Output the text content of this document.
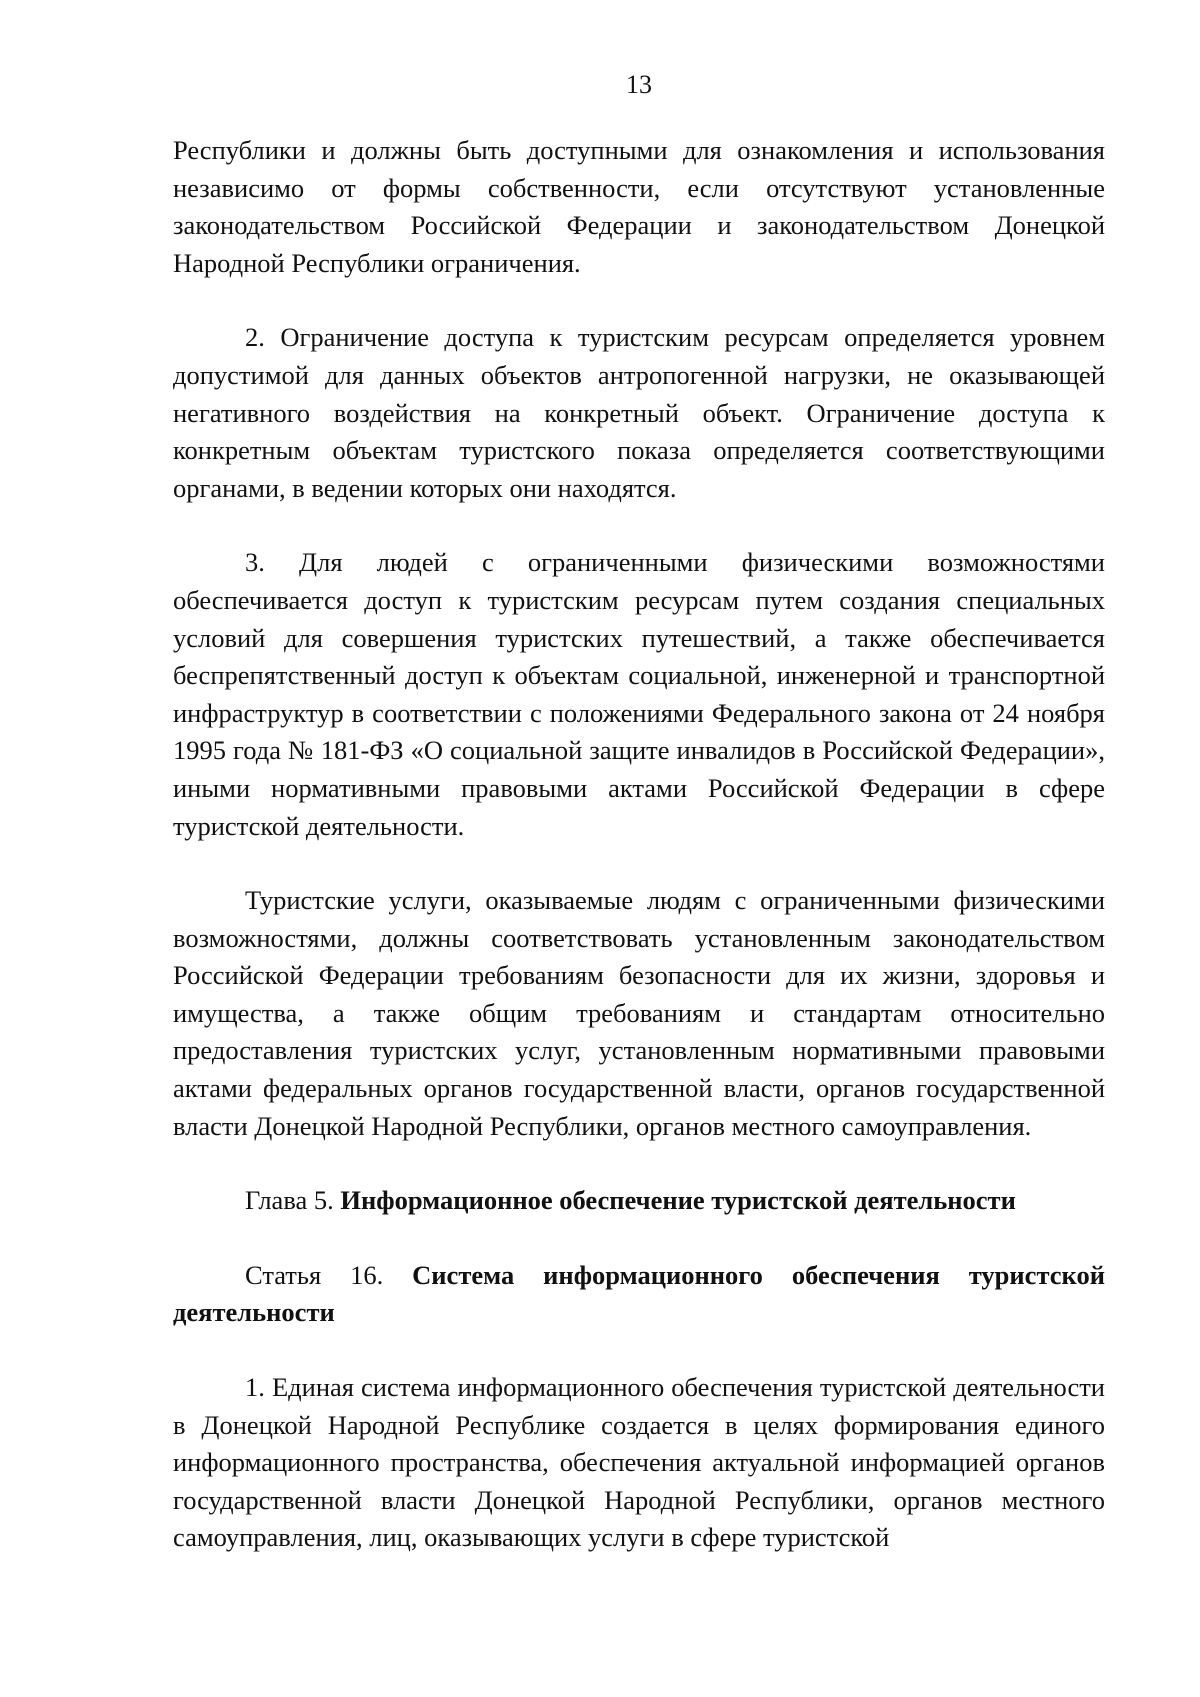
13

Республики и должны быть доступными для ознакомления и использования независимо от формы собственности, если отсутствуют установленные законодательством Российской Федерации и законодательством Донецкой Народной Республики ограничения.

2. Ограничение доступа к туристским ресурсам определяется уровнем допустимой для данных объектов антропогенной нагрузки, не оказывающей негативного воздействия на конкретный объект. Ограничение доступа к конкретным объектам туристского показа определяется соответствующими органами, в ведении которых они находятся.

3. Для людей с ограниченными физическими возможностями обеспечивается доступ к туристским ресурсам путем создания специальных условий для совершения туристских путешествий, а также обеспечивается беспрепятственный доступ к объектам социальной, инженерной и транспортной инфраструктур в соответствии с положениями Федерального закона от 24 ноября 1995 года № 181-ФЗ «О социальной защите инвалидов в Российской Федерации», иными нормативными правовыми актами Российской Федерации в сфере туристской деятельности.

Туристские услуги, оказываемые людям с ограниченными физическими возможностями, должны соответствовать установленным законодательством Российской Федерации требованиям безопасности для их жизни, здоровья и имущества, а также общим требованиям и стандартам относительно предоставления туристских услуг, установленным нормативными правовыми актами федеральных органов государственной власти, органов государственной власти Донецкой Народной Республики, органов местного самоуправления.

Глава 5. Информационное обеспечение туристской деятельности

Статья 16. Система информационного обеспечения туристской деятельности

1. Единая система информационного обеспечения туристской деятельности в Донецкой Народной Республике создается в целях формирования единого информационного пространства, обеспечения актуальной информацией органов государственной власти Донецкой Народной Республики, органов местного самоуправления, лиц, оказывающих услуги в сфере туристской
